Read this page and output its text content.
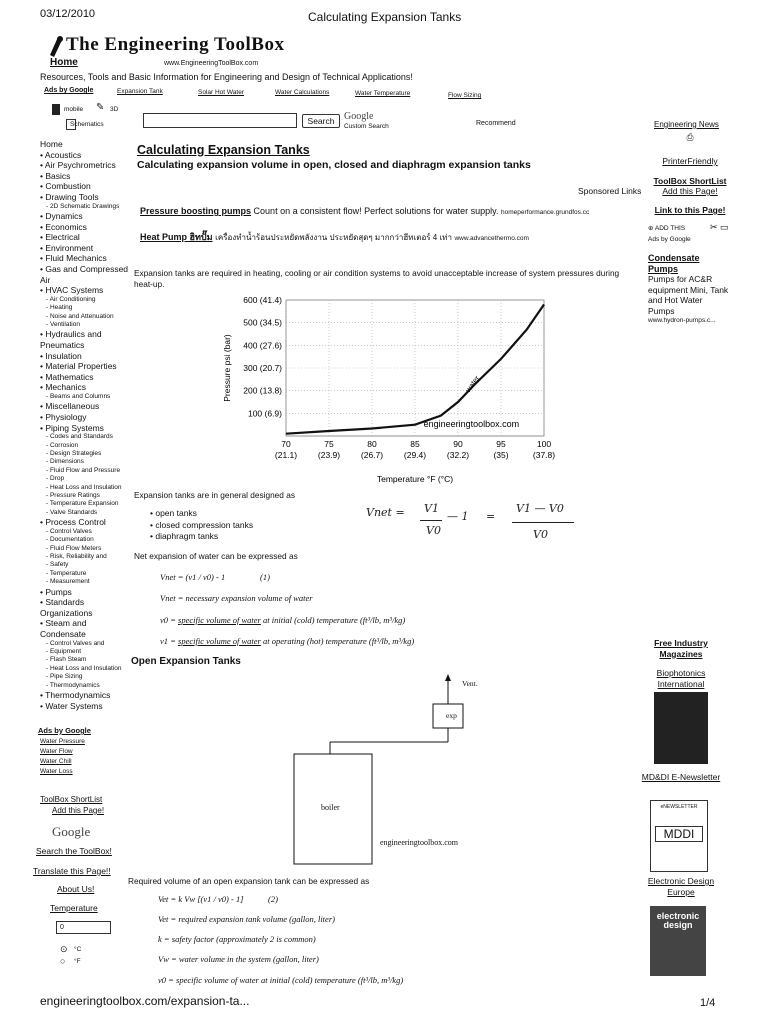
03/12/2010	Calculating Expansion Tanks
The Engineering ToolBox
Home	www.EngineeringToolBox.com
Resources, Tools and Basic Information for Engineering and Design of Technical Applications!
Ads by Google	Expansion Tank	Solar Hot Water	Water Calculations	Water Temperature	Flow Sizing
mobile ✎ 3D
Schematics	Search Google
Custom Search	Recommend	Engineering News
Home
• Acoustics
• Air Psychrometrics
• Basics
• Combustion
• Drawing Tools
- 2D Schematic Drawings
• Dynamics
• Economics
• Electrical
• Environment
• Fluid Mechanics
• Gas and Compressed
Air
• HVAC Systems
- Air Conditioning
- Heating
- Noise and Attenuation
- Ventilation
• Hydraulics and
Pneumatics
• Insulation
• Material Properties
• Mathematics
• Mechanics
- Beams and Columns
• Miscellaneous
• Physiology
• Piping Systems
- Codes and Standards
- Corrosion
- Design Strategies
- Dimensions
- Fluid Flow and Pressure
- Drop
- Heat Loss and Insulation
- Pressure Ratings
- Temperature Expansion
- Valve Standards
• Process Control
- Control Valves
- Documentation
- Fluid Flow Meters
- Risk, Reliability and
- Safety
- Temperature
- Measurement
• Pumps
• Standards
Organizations
• Steam and
Condensate
- Control Valves and
- Equipment
- Flash Steam
- Heat Loss and Insulation
- Pipe Sizing
- Thermodynamics
• Thermodynamics
• Water Systems
Ads by Google
Water Pressure
Water Flow
Water Chill
Water Loss
ToolBox ShortList
Add this Page!
Google
Search the ToolBox!
Translate this Page!!
About Us!
Temperature
0
⊙ °C
○ °F
Calculating Expansion Tanks
Calculating expansion volume in open, closed and diaphragm expansion tanks
Sponsored Links
Pressure boosting pumps Count on a consistent flow! Perfect solutions for water supply. homeperformance.grundfos.cc
Heat Pump ฮิทปั๊ม เครื่องทำน้ำร้อนประหยัดพลังงาน ประหยัดสุดๆ มากกว่าฮีทเตอร์ 4 เท่า www.advancethermo.com
Expansion tanks are required in heating, cooling or air condition systems to avoid unacceptable increase of system pressures during heat-up.
70
(21.1)
75
(23.9)
80
(26.7)
85
(29.4)
90
(32.2)
95
(35)
100
(37.8)
100 (6.9)
200 (13.8)
300 (20.7)
400 (27.6)
500 (34.5)
600 (41.4)
Pressure psi (bar)
Temperature °F (°C)
engineeringtoolbox.com
water
Expansion tanks are in general designed as
• open tanks
• closed compression tanks
• diaphragm tanks
Vnet = V1
V0
— 1 =
V1 — V0
V0
Net expansion of water can be expressed as
Vnet = (v1 / v0) - 1	(1)
Vnet = necessary expansion volume of water
v0 = specific volume of water at initial (cold) temperature (ft³/lb, m³/kg)
v1 = specific volume of water at operating (hot) temperature (ft³/lb, m³/kg)
Open Expansion Tanks
Vent.
exp
boiler
engineeringtoolbox.com
Required volume of an open expansion tank can be expressed as
Vet = k Vw [(v1 / v0) - 1]	(2)
Vet = required expansion tank volume (gallon, liter)
k = safety factor (approximately 2 is common)
Vw = water volume in the system (gallon, liter)
v0 = specific volume of water at initial (cold) temperature (ft³/lb, m³/kg)
⎙
PrinterFriendly
ToolBox ShortList
Add this Page!
Link to this Page!
⊕ ADD THIS	✂ ▭
Ads by Google
Condensate Pumps
Pumps for AC&R equipment Mini, Tank and Hot Water Pumps
www.hydron-pumps.c...
Free Industry Magazines
Biophotonics International
MD&DI E-Newsletter
eNEWSLETTER
MDDI
Electronic Design Europe
electronic design
engineeringtoolbox.com/expansion-ta...	1/4
